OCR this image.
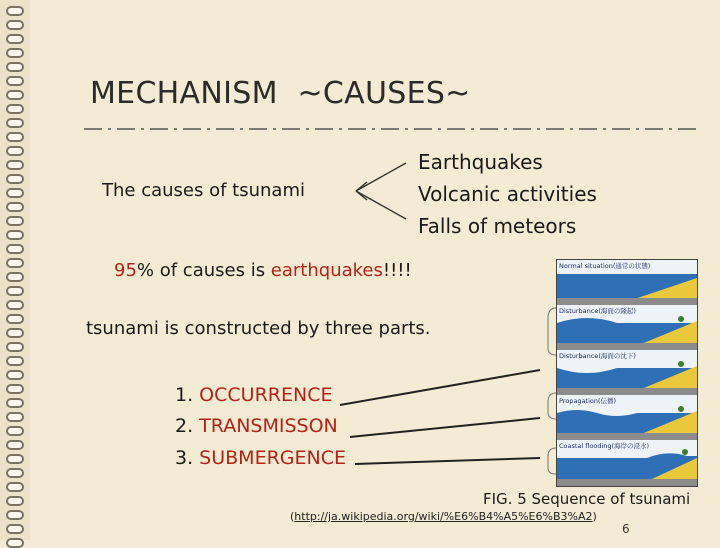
MECHANISM  ~CAUSES~
The causes of tsunami
Earthquakes
Volcanic activities
Falls of meteors
95% of causes is earthquakes!!!!
tsunami is constructed by three parts.
1. OCCURRENCE
2. TRANSMISSON
3. SUBMERGENCE
Normal situation(通常の状態)
Disturbance(海面の隆起)
Disturbance(海面の沈下)
Propagation(伝播)
Coastal flooding(海岸の浸水)
FIG. 5 Sequence of tsunami
(http://ja.wikipedia.org/wiki/%E6%B4%A5%E6%B3%A2)
6
